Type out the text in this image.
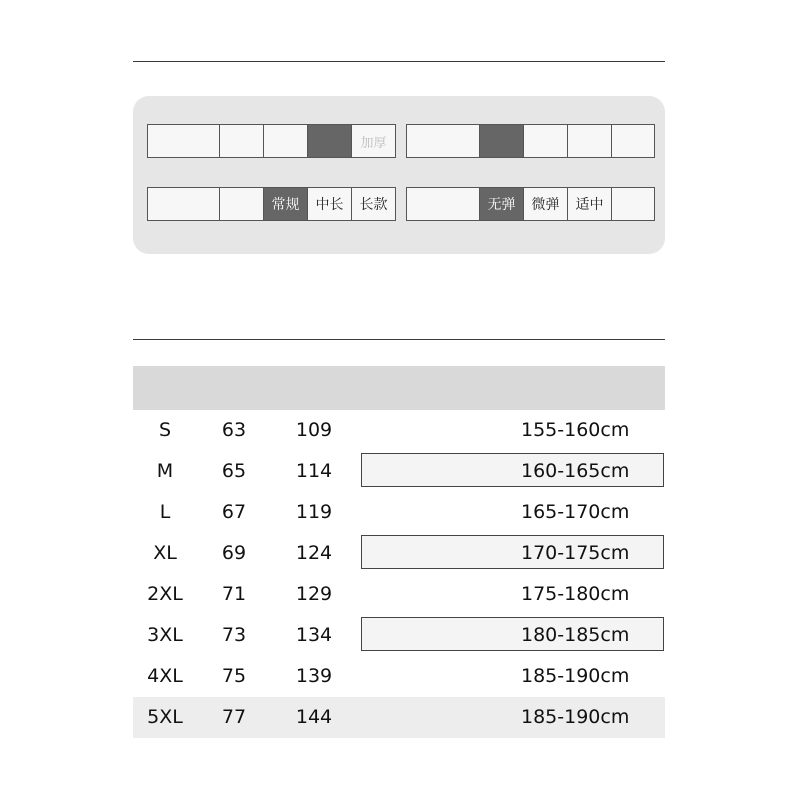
加厚
常规	中长	长款	无弹	微弹	适中
S	63	109	155-160cm
M	65	114	160-165cm
L	67	119	165-170cm
XL	69	124	170-175cm
2XL	71	129	175-180cm
3XL	73	134	180-185cm
4XL	75	139	185-190cm
5XL	77	144	185-190cm
